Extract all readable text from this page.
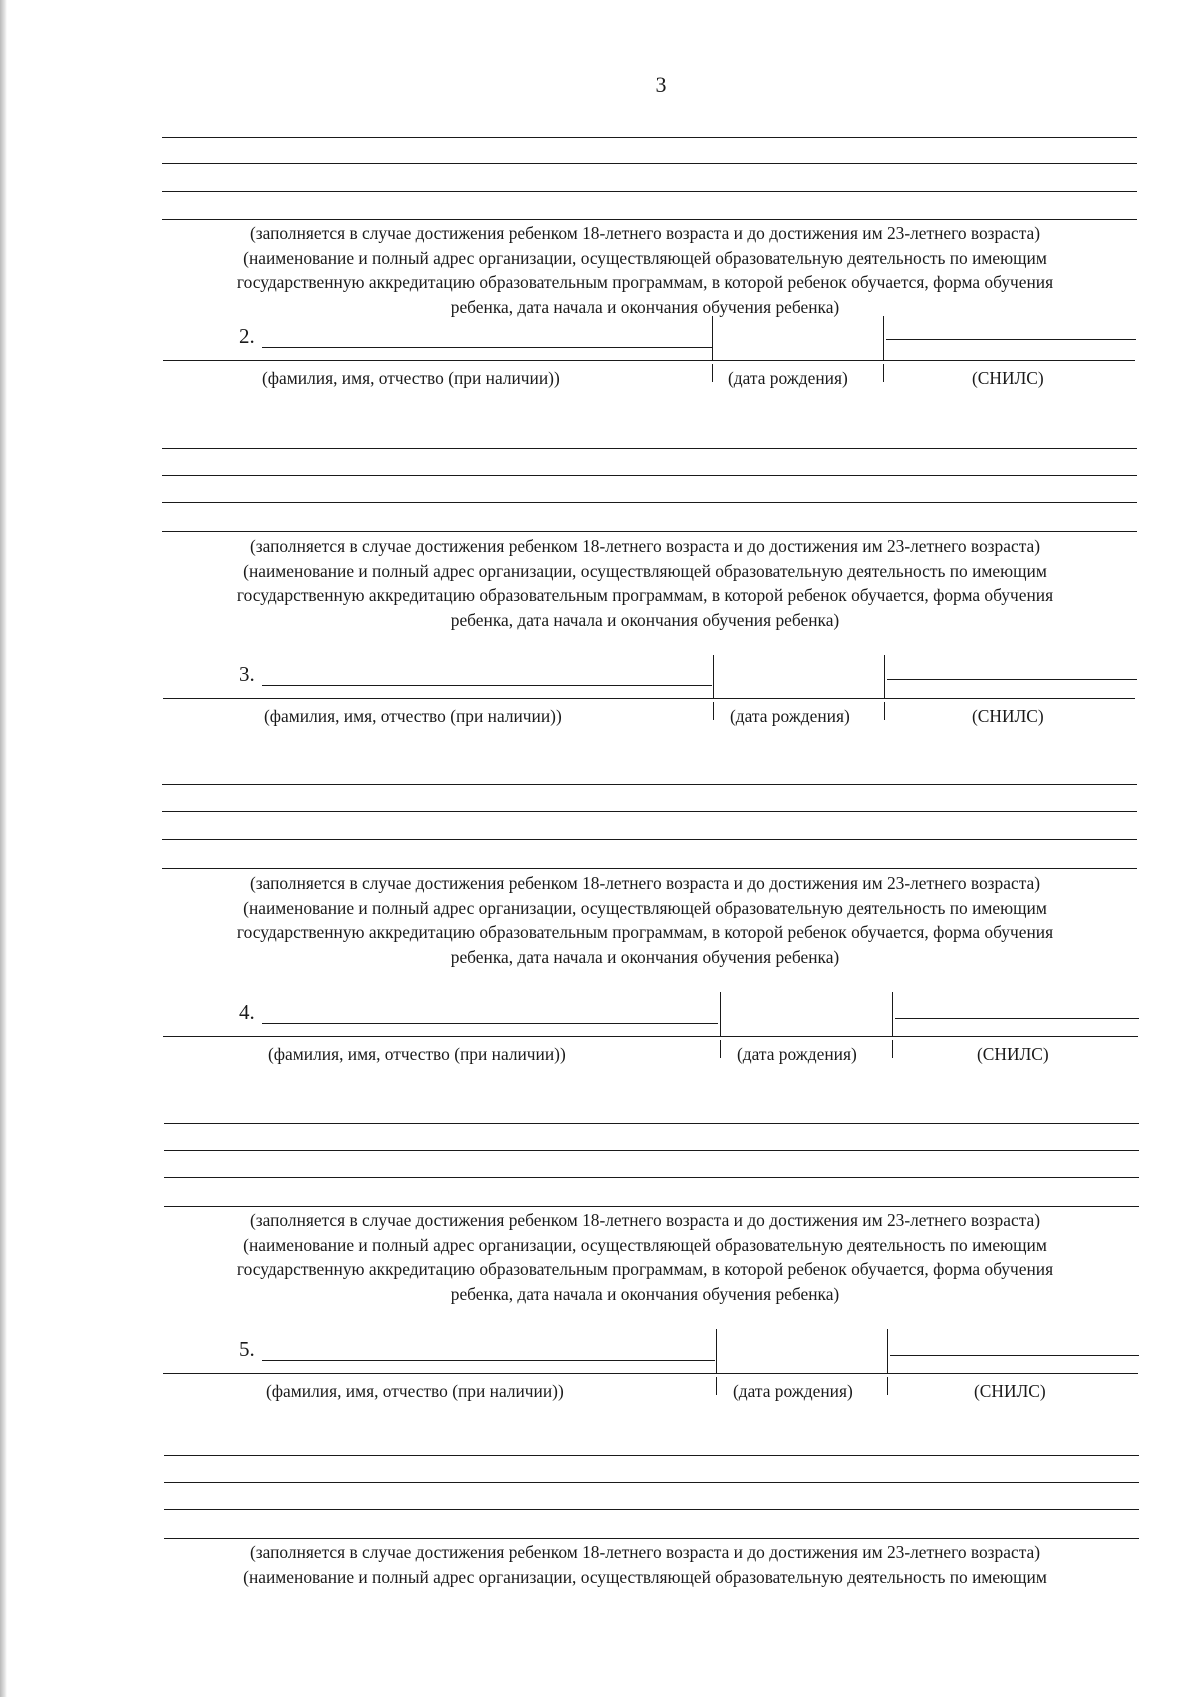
3
(заполняется в случае достижения ребенком 18-летнего возраста и до достижения им 23-летнего возраста)
(наименование и полный адрес организации, осуществляющей образовательную деятельность по имеющим
государственную аккредитацию образовательным программам, в которой ребенок обучается, форма обучения
ребенка, дата начала и окончания обучения ребенка)
2.
(фамилия, имя, отчество (при наличии))	(дата рождения)	(СНИЛС)
(заполняется в случае достижения ребенком 18-летнего возраста и до достижения им 23-летнего возраста)
(наименование и полный адрес организации, осуществляющей образовательную деятельность по имеющим
государственную аккредитацию образовательным программам, в которой ребенок обучается, форма обучения
ребенка, дата начала и окончания обучения ребенка)
3.
(фамилия, имя, отчество (при наличии))	(дата рождения)	(СНИЛС)
(заполняется в случае достижения ребенком 18-летнего возраста и до достижения им 23-летнего возраста)
(наименование и полный адрес организации, осуществляющей образовательную деятельность по имеющим
государственную аккредитацию образовательным программам, в которой ребенок обучается, форма обучения
ребенка, дата начала и окончания обучения ребенка)
4.
(фамилия, имя, отчество (при наличии))	(дата рождения)	(СНИЛС)
(заполняется в случае достижения ребенком 18-летнего возраста и до достижения им 23-летнего возраста)
(наименование и полный адрес организации, осуществляющей образовательную деятельность по имеющим
государственную аккредитацию образовательным программам, в которой ребенок обучается, форма обучения
ребенка, дата начала и окончания обучения ребенка)
5.
(фамилия, имя, отчество (при наличии))	(дата рождения)	(СНИЛС)
(заполняется в случае достижения ребенком 18-летнего возраста и до достижения им 23-летнего возраста)
(наименование и полный адрес организации, осуществляющей образовательную деятельность по имеющим
